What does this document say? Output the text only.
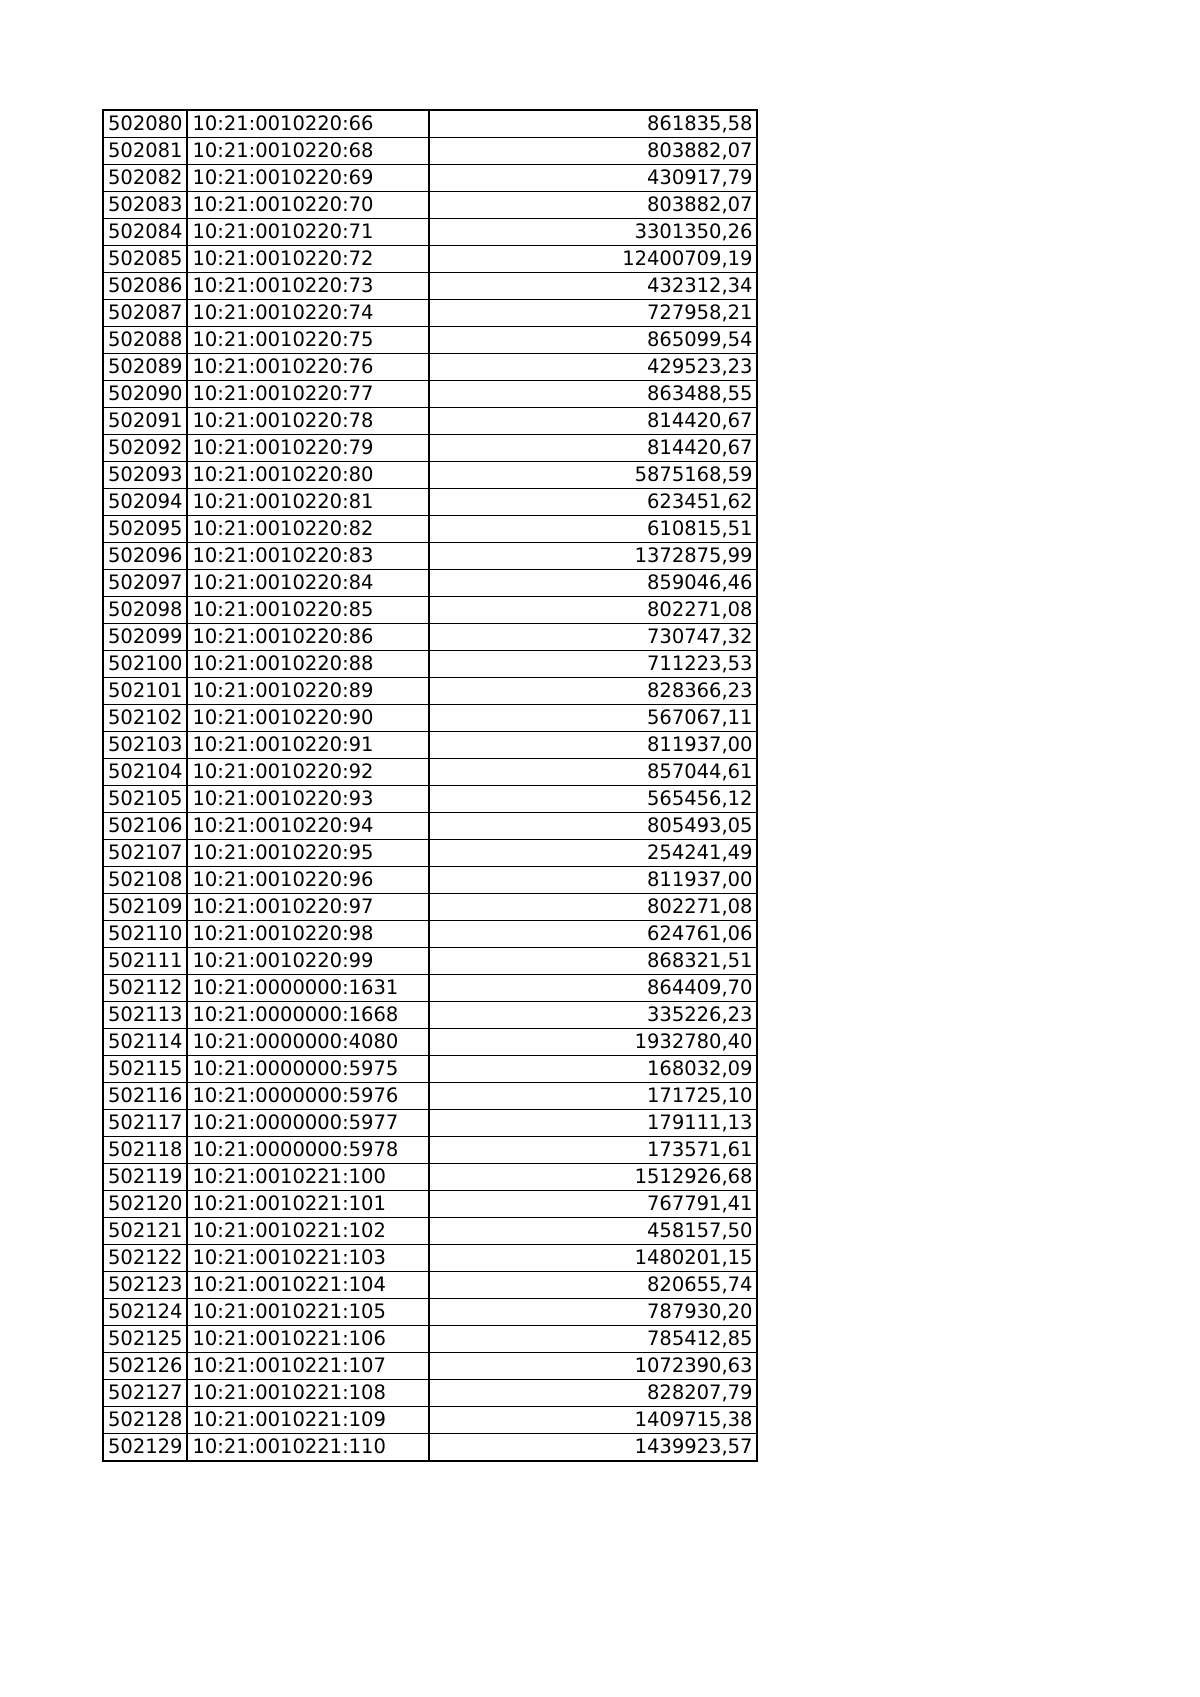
502080	10:21:0010220:66	861835,58
502081	10:21:0010220:68	803882,07
502082	10:21:0010220:69	430917,79
502083	10:21:0010220:70	803882,07
502084	10:21:0010220:71	3301350,26
502085	10:21:0010220:72	12400709,19
502086	10:21:0010220:73	432312,34
502087	10:21:0010220:74	727958,21
502088	10:21:0010220:75	865099,54
502089	10:21:0010220:76	429523,23
502090	10:21:0010220:77	863488,55
502091	10:21:0010220:78	814420,67
502092	10:21:0010220:79	814420,67
502093	10:21:0010220:80	5875168,59
502094	10:21:0010220:81	623451,62
502095	10:21:0010220:82	610815,51
502096	10:21:0010220:83	1372875,99
502097	10:21:0010220:84	859046,46
502098	10:21:0010220:85	802271,08
502099	10:21:0010220:86	730747,32
502100	10:21:0010220:88	711223,53
502101	10:21:0010220:89	828366,23
502102	10:21:0010220:90	567067,11
502103	10:21:0010220:91	811937,00
502104	10:21:0010220:92	857044,61
502105	10:21:0010220:93	565456,12
502106	10:21:0010220:94	805493,05
502107	10:21:0010220:95	254241,49
502108	10:21:0010220:96	811937,00
502109	10:21:0010220:97	802271,08
502110	10:21:0010220:98	624761,06
502111	10:21:0010220:99	868321,51
502112	10:21:0000000:1631	864409,70
502113	10:21:0000000:1668	335226,23
502114	10:21:0000000:4080	1932780,40
502115	10:21:0000000:5975	168032,09
502116	10:21:0000000:5976	171725,10
502117	10:21:0000000:5977	179111,13
502118	10:21:0000000:5978	173571,61
502119	10:21:0010221:100	1512926,68
502120	10:21:0010221:101	767791,41
502121	10:21:0010221:102	458157,50
502122	10:21:0010221:103	1480201,15
502123	10:21:0010221:104	820655,74
502124	10:21:0010221:105	787930,20
502125	10:21:0010221:106	785412,85
502126	10:21:0010221:107	1072390,63
502127	10:21:0010221:108	828207,79
502128	10:21:0010221:109	1409715,38
502129	10:21:0010221:110	1439923,57
